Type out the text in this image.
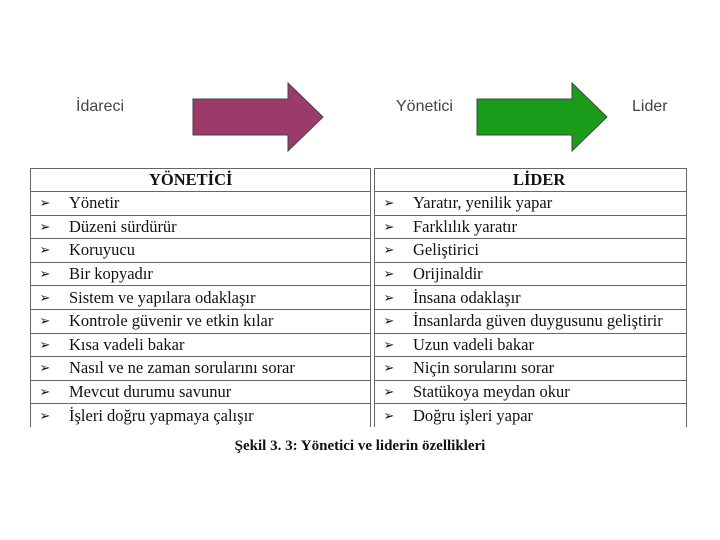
İdareci	Yönetici	Lider
YÖNETİCİ		LİDER

➢ Yönetir		➢ Yaratır, yenilik yapar

➢ Düzeni sürdürür		➢ Farklılık yaratır

➢ Koruyucu		➢ Geliştirici

➢ Bir kopyadır		➢ Orijinaldir

➢ Sistem ve yapılara odaklaşır		➢ İnsana odaklaşır

➢ Kontrole güvenir ve etkin kılar		➢ İnsanlarda güven duygusunu geliştirir

➢ Kısa vadeli bakar		➢ Uzun vadeli bakar

➢ Nasıl ve ne zaman sorularını sorar		➢ Niçin sorularını sorar

➢ Mevcut durumu savunur		➢ Statükoya meydan okur

➢ İşleri doğru yapmaya çalışır		➢ Doğru işleri yapar
Şekil 3. 3: Yönetici ve liderin özellikleri
